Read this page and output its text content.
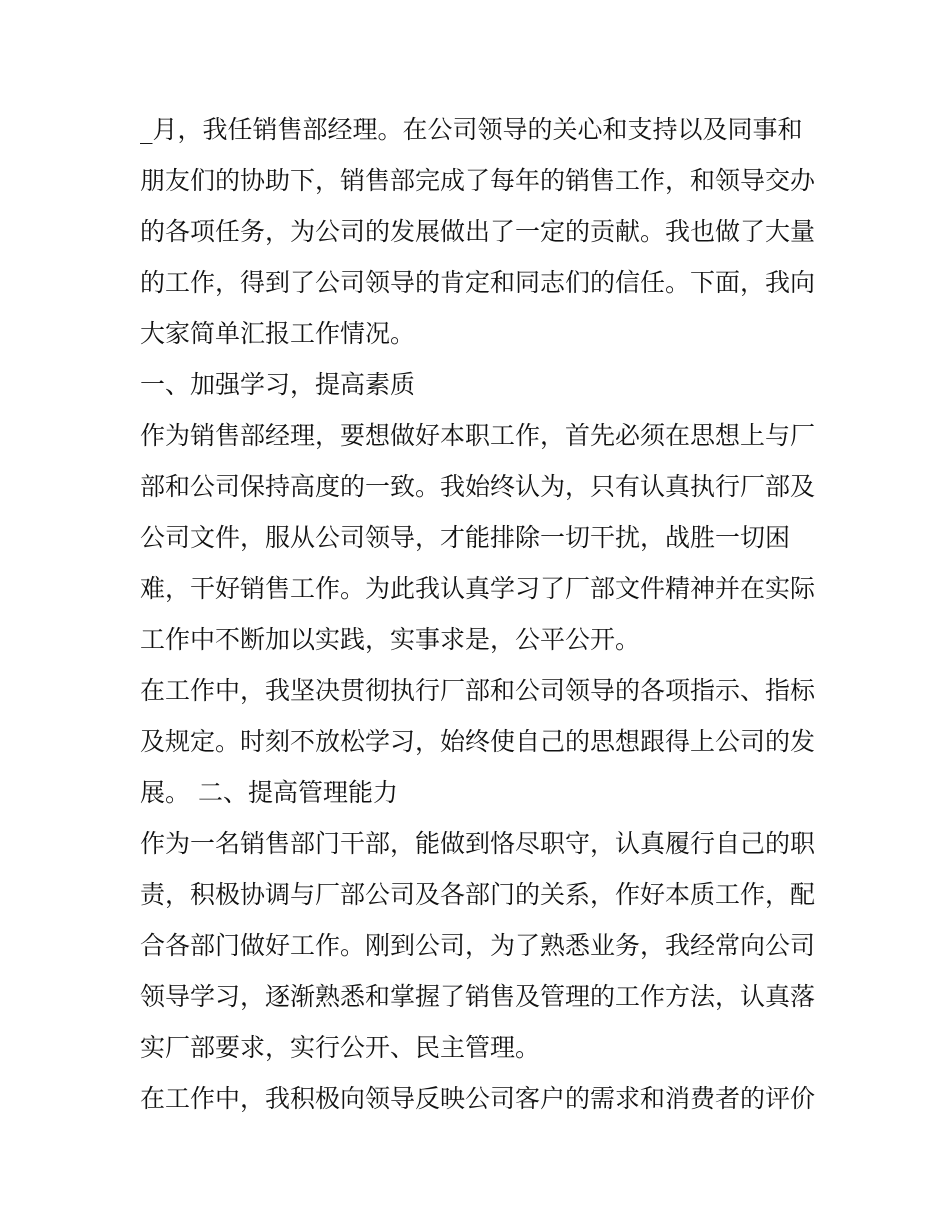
_月，我任销售部经理。在公司领导的关心和支持以及同事和
朋友们的协助下，销售部完成了每年的销售工作，和领导交办
的各项任务，为公司的发展做出了一定的贡献。我也做了大量
的工作，得到了公司领导的肯定和同志们的信任。下面，我向
大家简单汇报工作情况。
一、加强学习，提高素质
作为销售部经理，要想做好本职工作，首先必须在思想上与厂
部和公司保持高度的一致。我始终认为，只有认真执行厂部及
公司文件，服从公司领导，才能排除一切干扰，战胜一切困
难，干好销售工作。为此我认真学习了厂部文件精神并在实际
工作中不断加以实践，实事求是，公平公开。
在工作中，我坚决贯彻执行厂部和公司领导的各项指示、指标
及规定。时刻不放松学习，始终使自己的思想跟得上公司的发
展。 二、提高管理能力
作为一名销售部门干部，能做到恪尽职守，认真履行自己的职
责，积极协调与厂部公司及各部门的关系，作好本质工作，配
合各部门做好工作。刚到公司，为了熟悉业务，我经常向公司
领导学习，逐渐熟悉和掌握了销售及管理的工作方法，认真落
实厂部要求，实行公开、民主管理。
在工作中，我积极向领导反映公司客户的需求和消费者的评价
